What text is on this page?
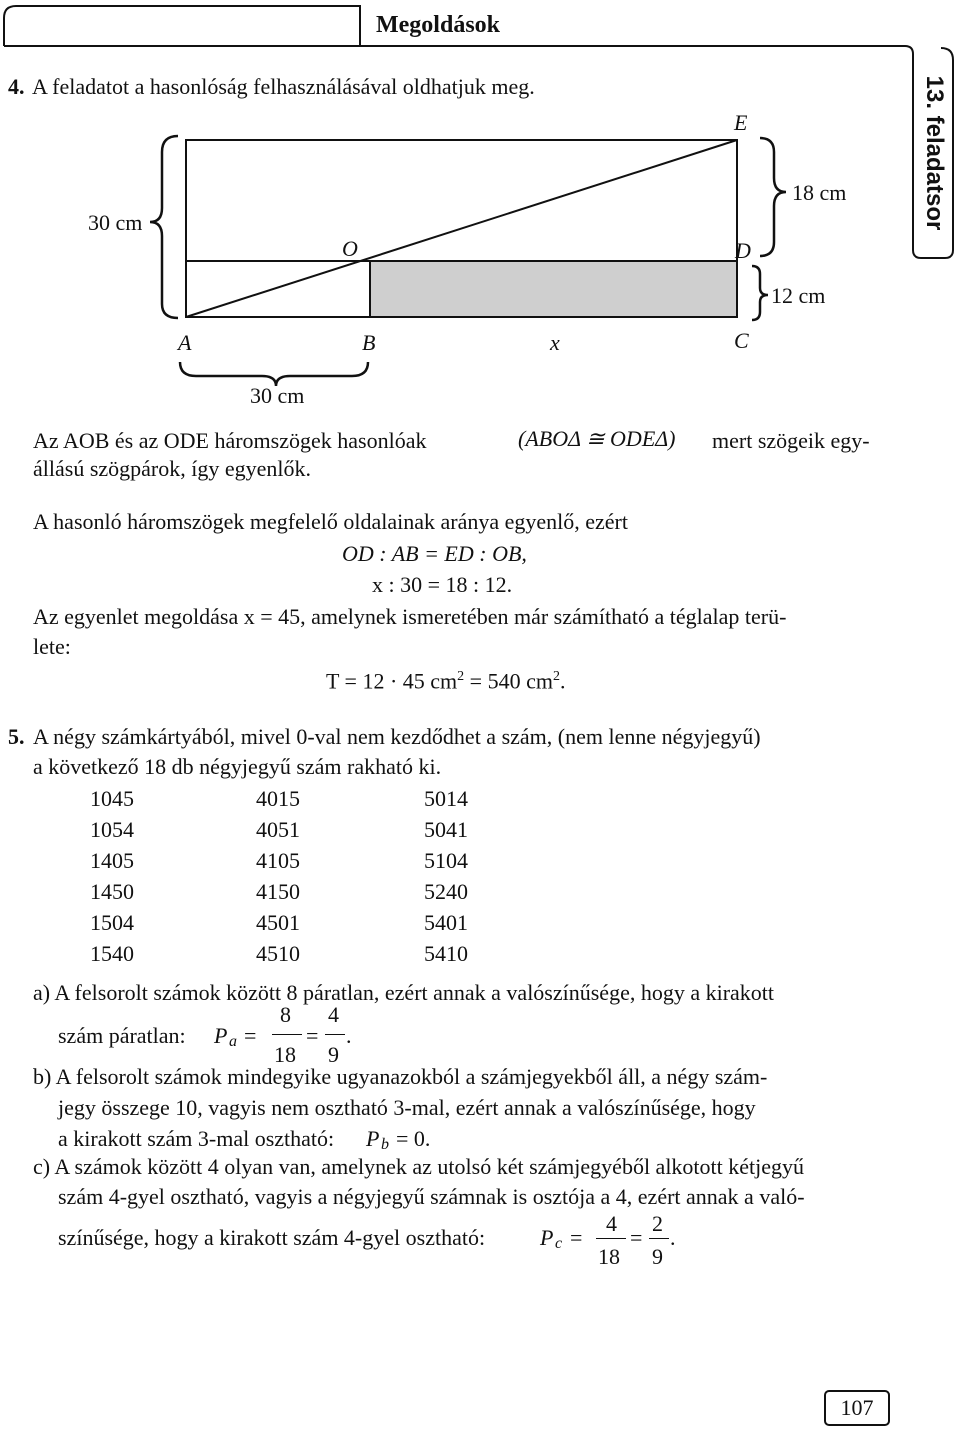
Megoldások
13. feladatsor
4. A feladatot a hasonlóság felhasználásával oldhatjuk meg.
E
30 cm
18 cm
O	D
12 cm
A	B	x	C
30 cm
Az AOB és az ODE háromszögek hasonlóak	(ABOΔ ≅ ODEΔ) mert szögeik egy-
állású szögpárok, így egyenlők.
A hasonló háromszögek megfelelő oldalainak aránya egyenlő, ezért
OD : AB = ED : OB,
x : 30 = 18 : 12.
Az egyenlet megoldása x = 45, amelynek ismeretében már számítható a téglalap terü-
lete:
T = 12 · 45 $cm^2 = 540$ $cm^2$.
5. A négy számkártyából, mivel 0-val nem kezdődhet a szám, (nem lenne négyjegyű)
a következő 18 db négyjegyű szám rakható ki.
1045	4015	5014
1054	4051	5041
1405	4105	5104
1450	4150	5240
1504	4501	5401
1540	4510	5410
a) A felsorolt számok között 8 páratlan, ezért annak a valószínűsége, hogy a kirakott
szám páratlan: P a =
8
18
=
4
9
.
b) A felsorolt számok mindegyike ugyanazokból a számjegyekből áll, a négy szám-
jegy összege 10, vagyis nem osztható 3-mal, ezért annak a valószínűsége, hogy
a kirakott szám 3-mal osztható: P b = 0.
c) A számok között 4 olyan van, amelynek az utolsó két számjegyéből alkotott kétjegyű
szám 4-gyel osztható, vagyis a négyjegyű számnak is osztója a 4, ezért annak a való-
színűsége, hogy a kirakott szám 4-gyel osztható: P c =
4
18
=
2
9
.
107
